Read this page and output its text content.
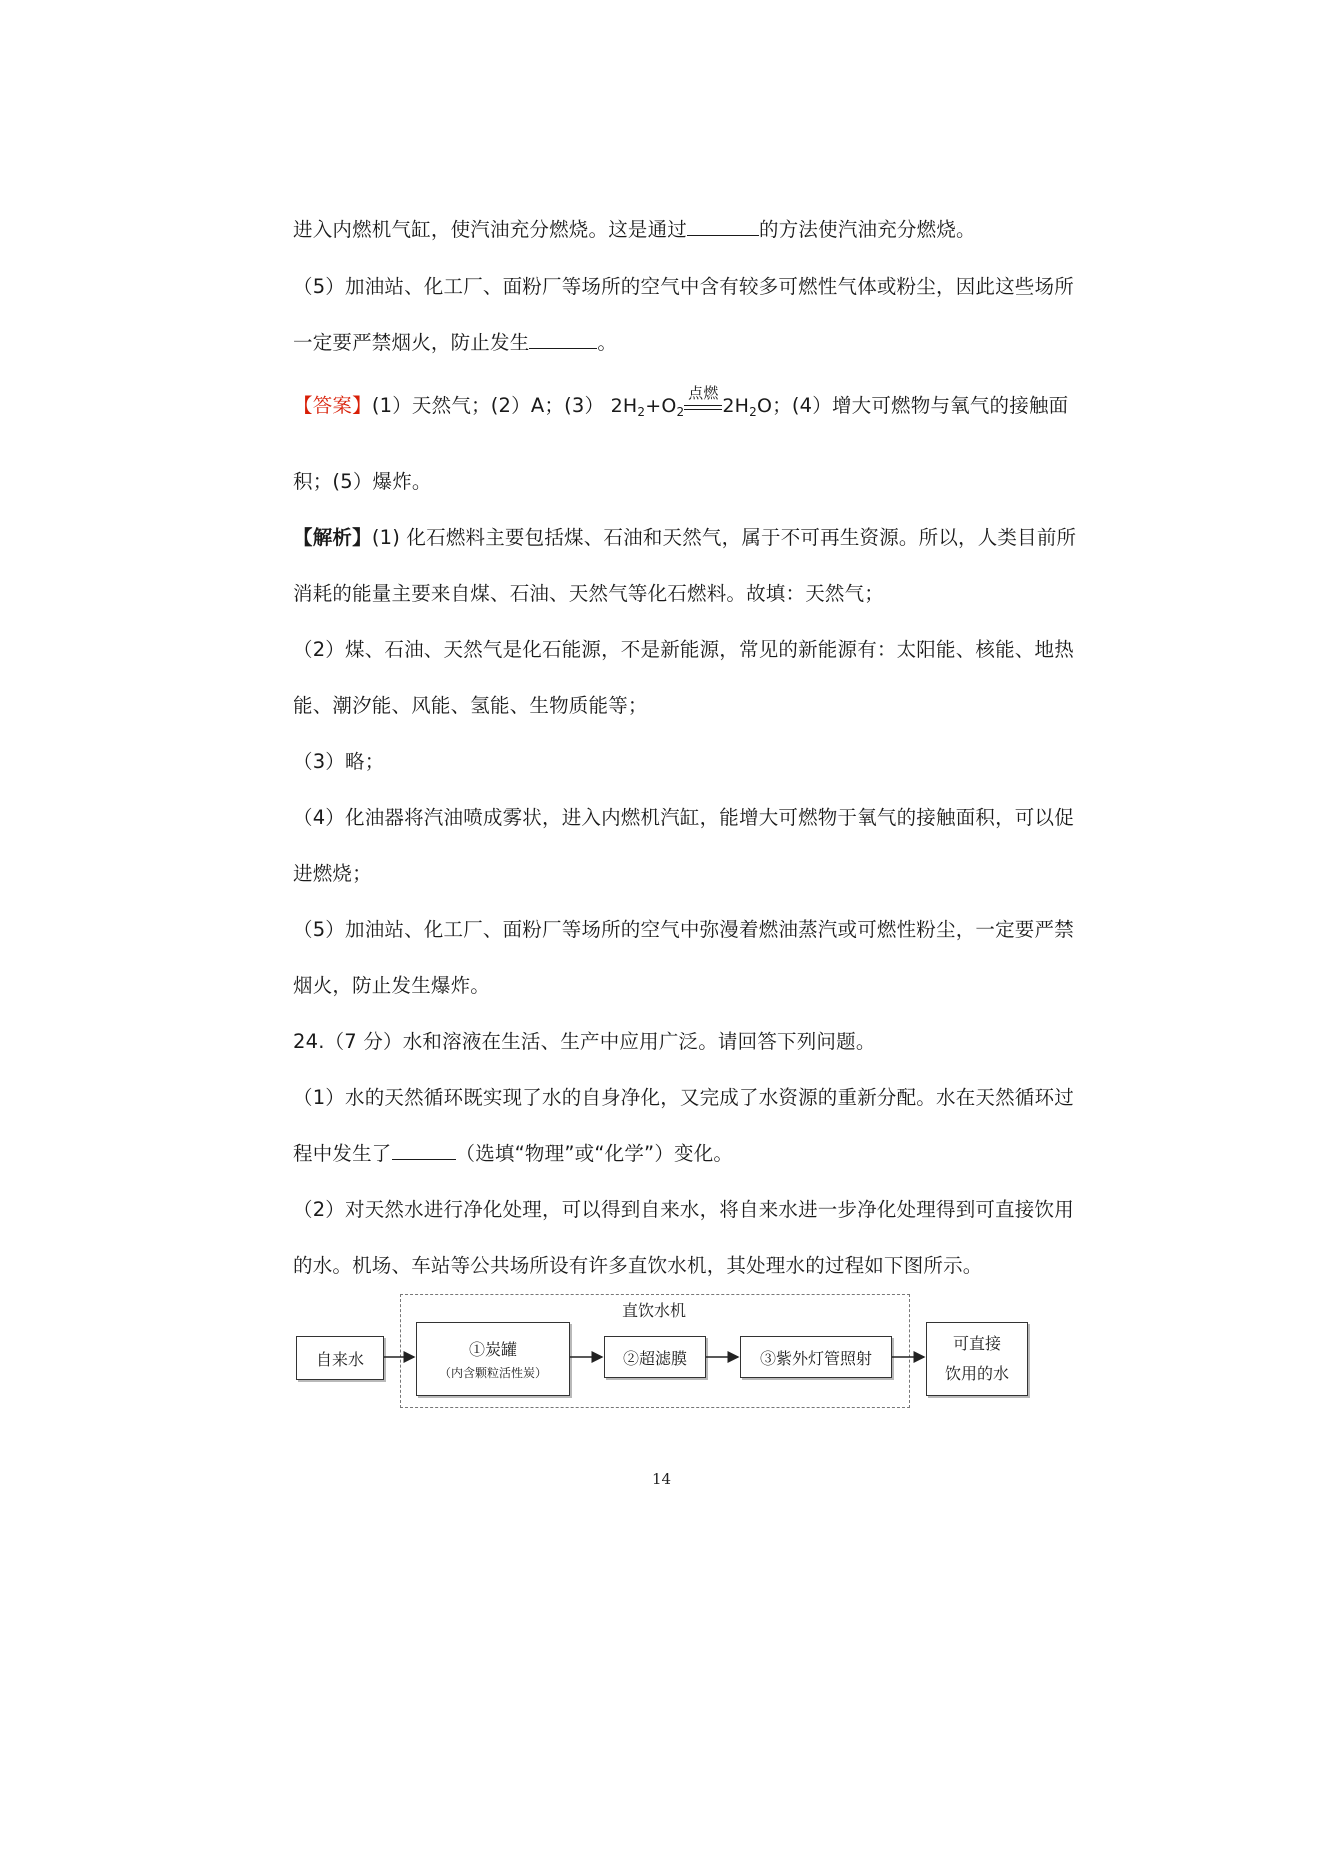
进入内燃机气缸，使汽油充分燃烧。这是通过	的方法使汽油充分燃烧。
（5）加油站、化工厂、面粉厂等场所的空气中含有较多可燃性气体或粉尘，因此这些场所
一定要严禁烟火，防止发生	。
【答案】(1）天然气；(2）A；(3） $2H_2+O_2$
点燃
$2H_2O$；(4）增大可燃物与氧气的接触面
积；(5）爆炸。
【解析】(1) 化石燃料主要包括煤、石油和天然气，属于不可再生资源。所以，人类目前所
消耗的能量主要来自煤、石油、天然气等化石燃料。故填：天然气；
（2）煤、石油、天然气是化石能源，不是新能源，常见的新能源有：太阳能、核能、地热
能、潮汐能、风能、氢能、生物质能等；
（3）略；
（4）化油器将汽油喷成雾状，进入内燃机汽缸，能增大可燃物于氧气的接触面积，可以促
进燃烧；
（5）加油站、化工厂、面粉厂等场所的空气中弥漫着燃油蒸汽或可燃性粉尘，一定要严禁
烟火，防止发生爆炸。
24.（7 分）水和溶液在生活、生产中应用广泛。请回答下列问题。
（1）水的天然循环既实现了水的自身净化，又完成了水资源的重新分配。水在天然循环过
程中发生了	（选填“物理”或“化学”）变化。
（2）对天然水进行净化处理，可以得到自来水，将自来水进一步净化处理得到可直接饮用
的水。机场、车站等公共场所设有许多直饮水机，其处理水的过程如下图所示。
直饮水机
自来水	①炭罐
（内含颗粒活性炭）
②超滤膜	③紫外灯管照射
可直接
饮用的水
14
